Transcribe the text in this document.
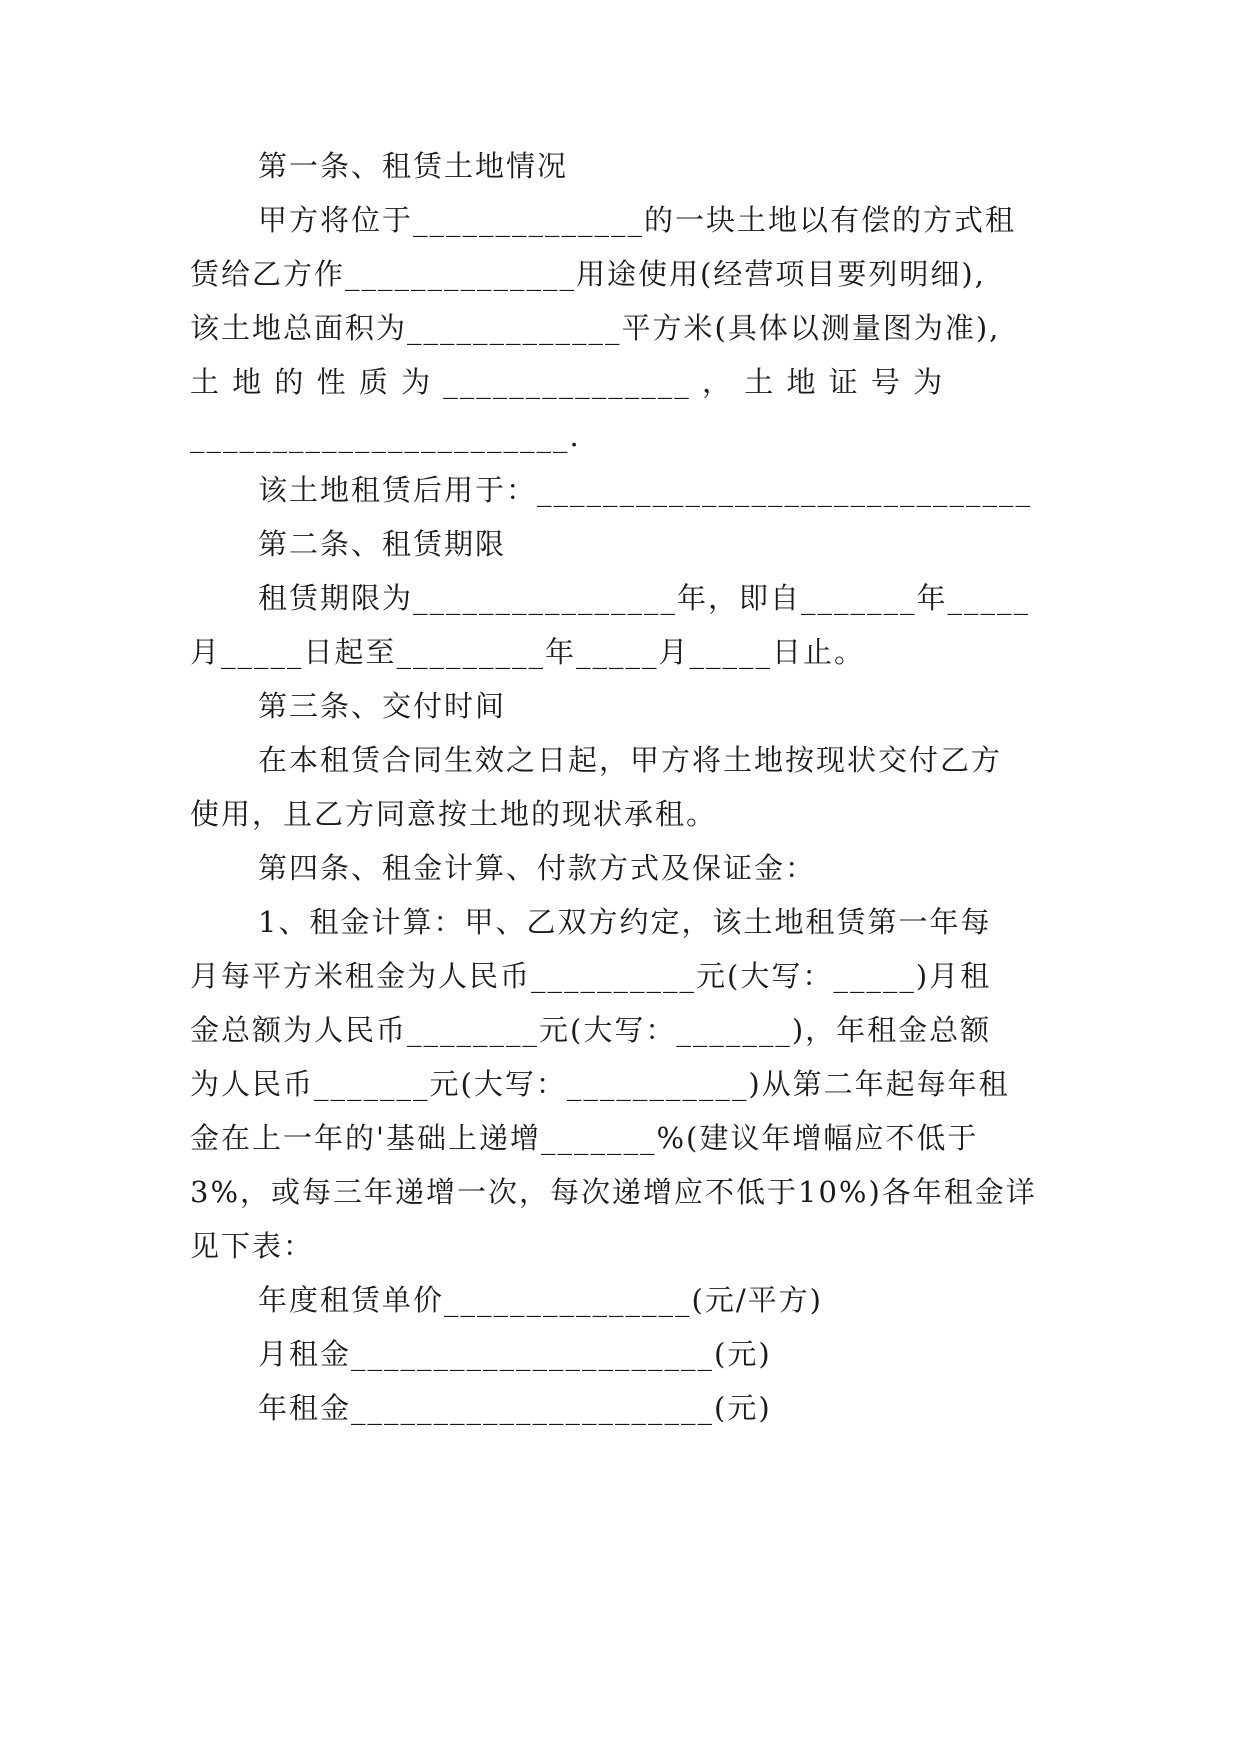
第一条、租赁土地情况
甲方将位于______________的一块土地以有偿的方式租
赁给乙方作______________用途使用(经营项目要列明细),
该土地总面积为_____________平方米(具体以测量图为准),
土 地 的 性 质 为 _______________ ， 土 地 证 号 为
_______________________.
该土地租赁后用于：______________________________
第二条、租赁期限
租赁期限为________________年，即自_______年_____
月_____日起至_________年_____月_____日止。
第三条、交付时间
在本租赁合同生效之日起，甲方将土地按现状交付乙方
使用，且乙方同意按土地的现状承租。
第四条、租金计算、付款方式及保证金：
1、租金计算：甲、乙双方约定，该土地租赁第一年每
月每平方米租金为人民币__________元(大写：_____)月租
金总额为人民币________元(大写：_______)，年租金总额
为人民币_______元(大写：___________)从第二年起每年租
金在上一年的'基础上递增_______%(建议年增幅应不低于
3%，或每三年递增一次，每次递增应不低于10%)各年租金详
见下表：
年度租赁单价_______________(元/平方)
月租金______________________(元)
年租金______________________(元)
